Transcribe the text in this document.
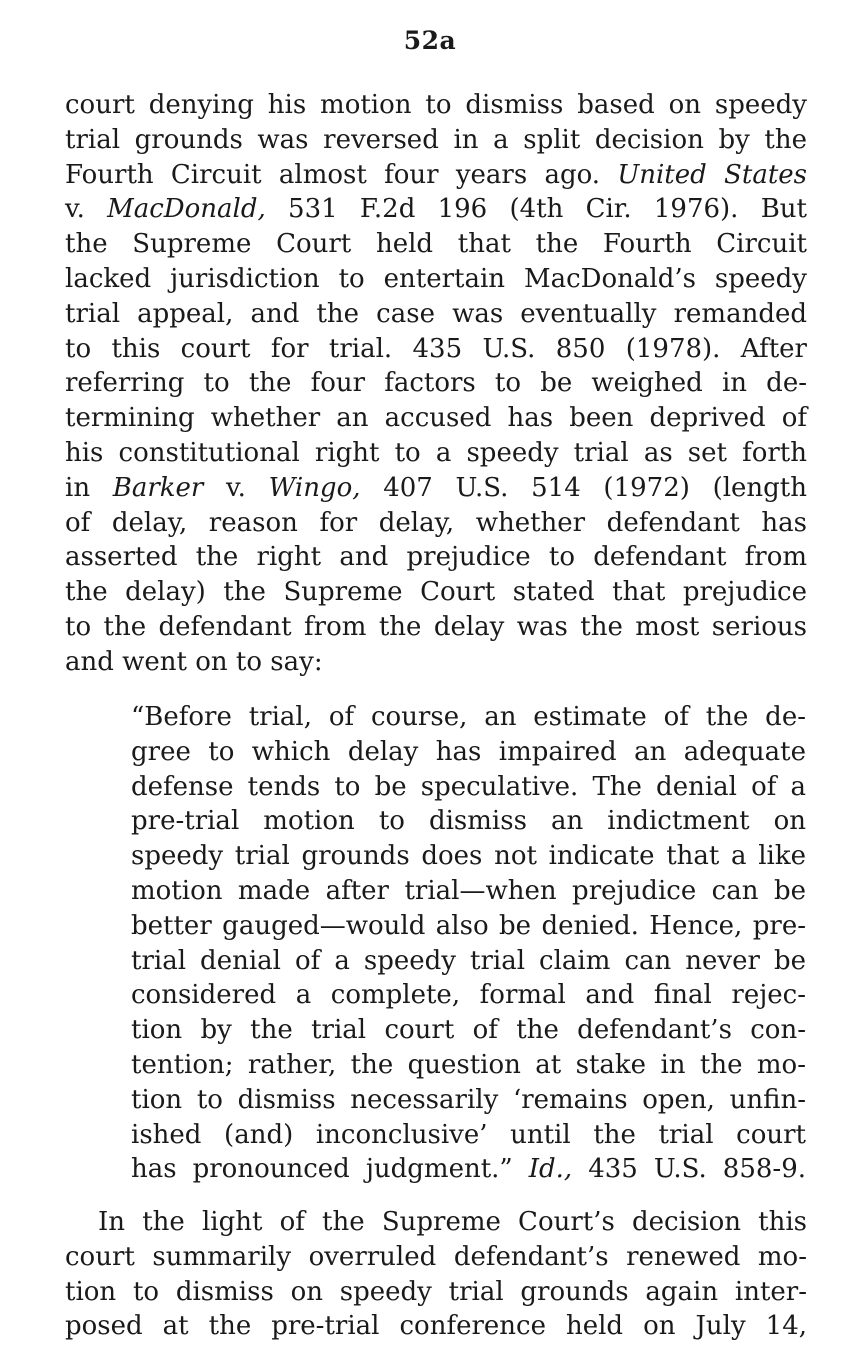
52a
court denying his motion to dismiss based on speedy
trial grounds was reversed in a split decision by the
Fourth Circuit almost four years ago. United States
v. MacDonald, 531 F.2d 196 (4th Cir. 1976). But
the Supreme Court held that the Fourth Circuit
lacked jurisdiction to entertain MacDonald’s speedy
trial appeal, and the case was eventually remanded
to this court for trial. 435 U.S. 850 (1978). After
referring to the four factors to be weighed in de-
termining whether an accused has been deprived of
his constitutional right to a speedy trial as set forth
in Barker v. Wingo, 407 U.S. 514 (1972) (length
of delay, reason for delay, whether defendant has
asserted the right and prejudice to defendant from
the delay) the Supreme Court stated that prejudice
to the defendant from the delay was the most serious
and went on to say:
“Before trial, of course, an estimate of the de-
gree to which delay has impaired an adequate
defense tends to be speculative. The denial of a
pre-trial motion to dismiss an indictment on
speedy trial grounds does not indicate that a like
motion made after trial—when prejudice can be
better gauged—would also be denied. Hence, pre-
trial denial of a speedy trial claim can never be
considered a complete, formal and final rejec-
tion by the trial court of the defendant’s con-
tention; rather, the question at stake in the mo-
tion to dismiss necessarily ‘remains open, unfin-
ished (and) inconclusive’ until the trial court
has pronounced judgment.” Id., 435 U.S. 858-9.
In the light of the Supreme Court’s decision this
court summarily overruled defendant’s renewed mo-
tion to dismiss on speedy trial grounds again inter-
posed at the pre-trial conference held on July 14,
